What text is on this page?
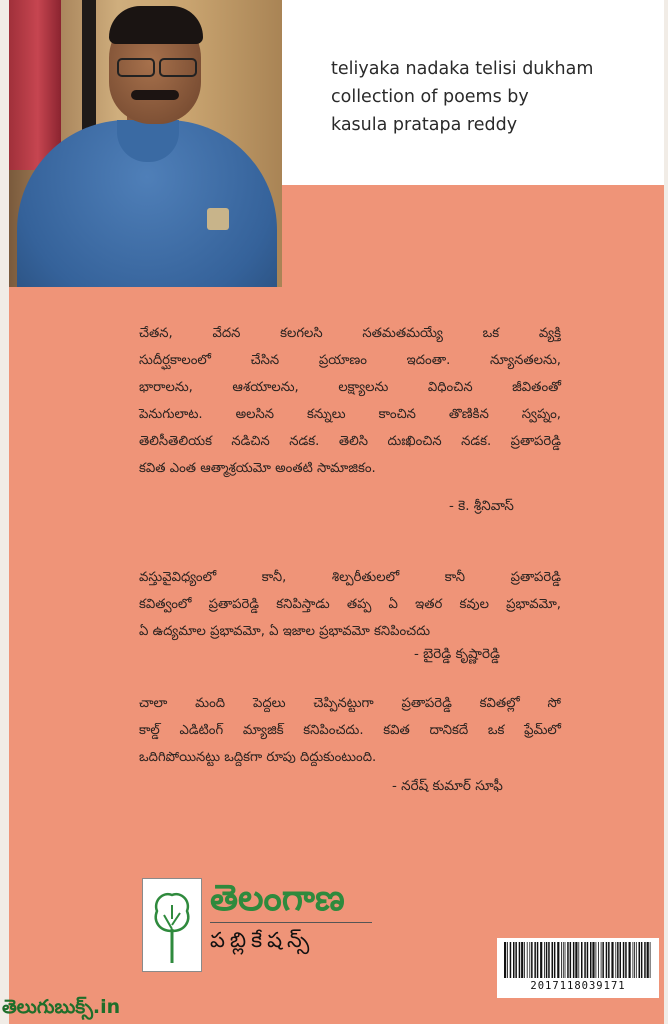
teliyaka nadaka telisi dukham
collection of poems by
kasula pratapa reddy
చేతన, వేదన కలగలసి సతమతమయ్యే ఒక వ్యక్తి
సుదీర్ఘకాలంలో చేసిన ప్రయాణం ఇదంతా. న్యూనతలను,
భారాలను, ఆశయాలను, లక్ష్యాలను విధించిన జీవితంతో
పెనుగులాట. అలసిన కన్నులు కాంచిన తొణికిన స్వప్నం,
తెలిసీతెలియక నడిచిన నడక. తెలిసి దుఃఖించిన నడక. ప్రతాపరెడ్డి
కవిత ఎంత ఆత్మాశ్రయమో అంతటి సామాజికం.
- కె. శ్రీనివాస్
వస్తువైవిధ్యంలో కానీ, శిల్పరీతులలో కానీ ప్రతాపరెడ్డి
కవిత్వంలో ప్రతాపరెడ్డి కనిపిస్తాడు తప్ప ఏ ఇతర కవుల ప్రభావమో,
ఏ ఉద్యమాల ప్రభావమో, ఏ ఇజాల ప్రభావమో కనిపించదు
- బైరెడ్డి కృష్ణారెడ్డి
చాలా మంది పెద్దలు చెప్పినట్టుగా ప్రతాపరెడ్డి కవితల్లో సో
కాల్డ్ ఎడిటింగ్ మ్యాజిక్ కనిపించదు. కవిత దానికదే ఒక ఫ్రేమ్‌లో
ఒదిగిపోయినట్టు ఒద్దికగా రూపు దిద్దుకుంటుంది.
- నరేష్ కుమార్ సూఫీ
తెలంగాణ
పబ్లికేషన్స్
2017118039171
తెలుగుబుక్స్.in
